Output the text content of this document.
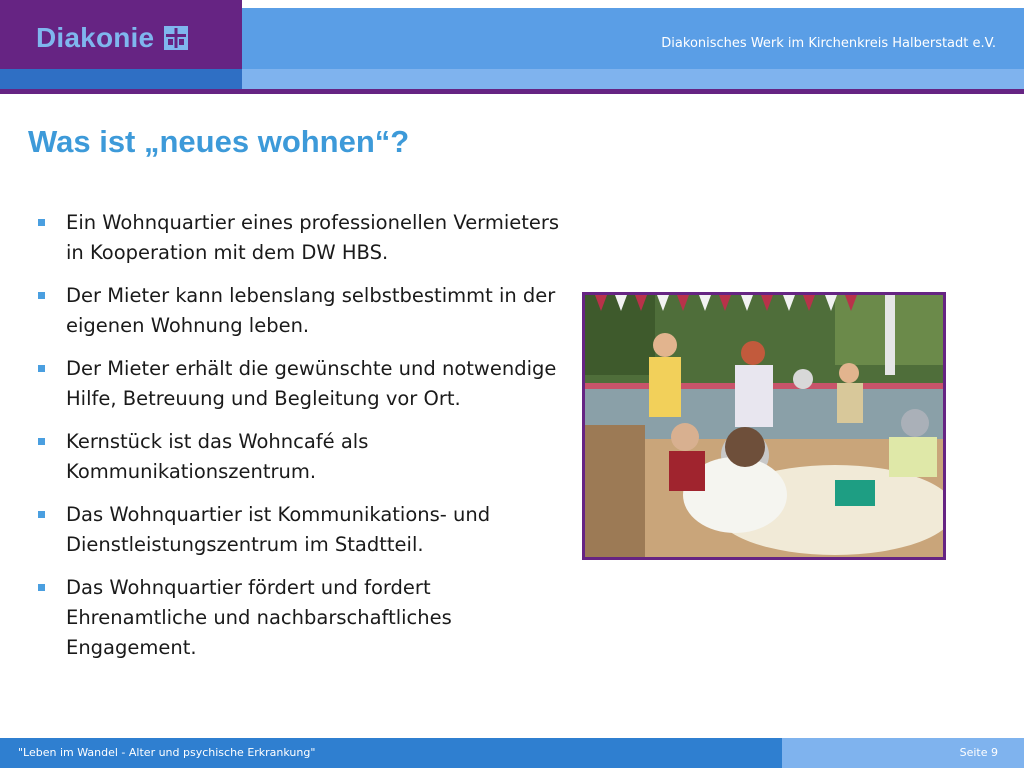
Diakonie	Diakonisches Werk im Kirchenkreis Halberstadt e.V.
Was ist „neues wohnen“?
Ein Wohnquartier eines professionellen Vermieters in Kooperation mit dem DW HBS.
Der Mieter kann lebenslang selbstbestimmt in der eigenen Wohnung leben.
Der Mieter erhält die gewünschte und notwendige Hilfe, Betreuung und Begleitung vor Ort.
Kernstück ist das Wohncafé als Kommunikationszentrum.
Das Wohnquartier ist Kommunikations- und Dienstleistungszentrum im Stadtteil.
Das Wohnquartier fördert und fordert Ehrenamtliche und nachbarschaftliches Engagement.
"Leben im Wandel - Alter und psychische Erkrankung"	Seite 9
